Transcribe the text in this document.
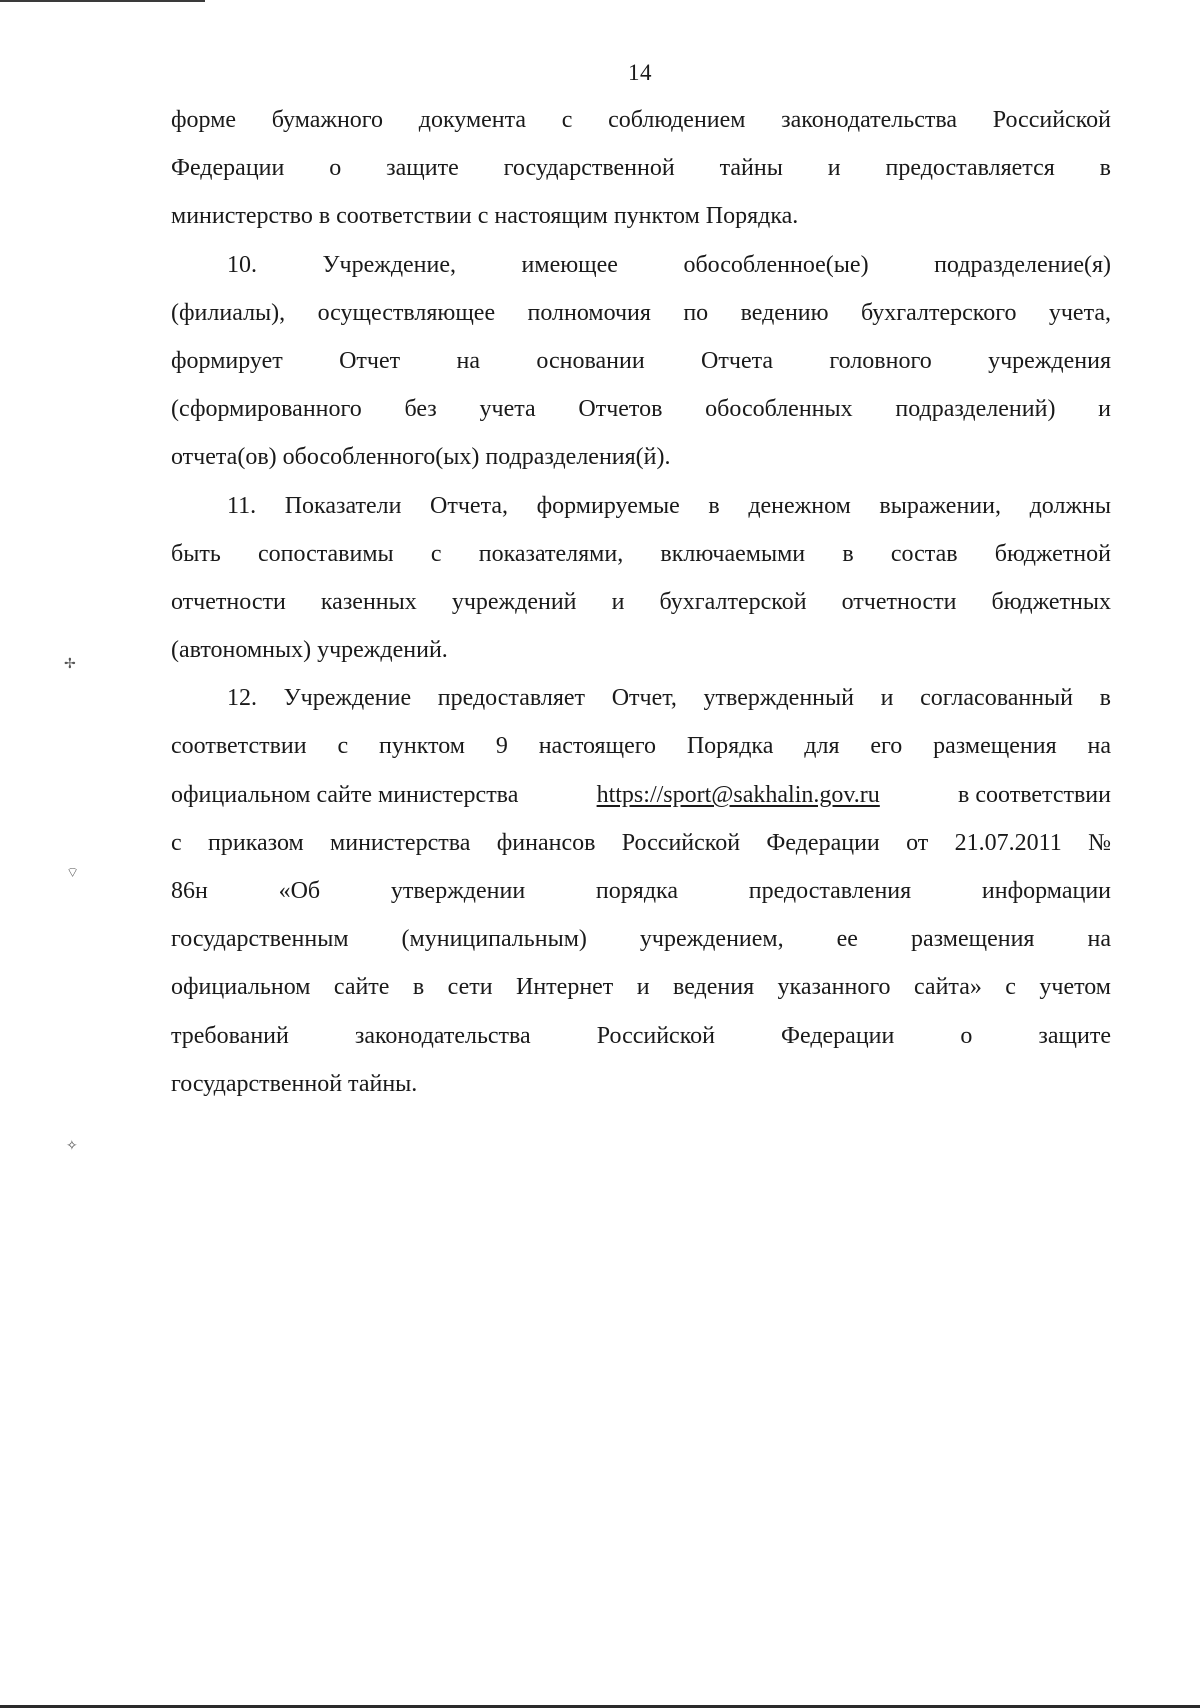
14
форме бумажного документа с соблюдением законодательства Российской
Федерации о защите государственной тайны и предоставляется в
министерство в соответствии с настоящим пунктом Порядка.
10. Учреждение, имеющее обособленное(ые) подразделение(я)
(филиалы), осуществляющее полномочия по ведению бухгалтерского учета,
формирует Отчет на основании Отчета головного учреждения
(сформированного без учета Отчетов обособленных подразделений) и
отчета(ов) обособленного(ых) подразделения(й).
11. Показатели Отчета, формируемые в денежном выражении, должны
быть сопоставимы с показателями, включаемыми в состав бюджетной
отчетности казенных учреждений и бухгалтерской отчетности бюджетных
(автономных) учреждений.
12. Учреждение предоставляет Отчет, утвержденный и согласованный в
соответствии с пунктом 9 настоящего Порядка для его размещения на
официальном сайте министерства	https://sport@sakhalin.gov.ru	в соответствии
с приказом министерства финансов Российской Федерации от 21.07.2011 №
86н «Об утверждении порядка предоставления информации
государственным (муниципальным) учреждением, ее размещения на
официальном сайте в сети Интернет и ведения указанного сайта» с учетом
требований законодательства Российской Федерации о защите
государственной тайны.
✢
⌔
✧
